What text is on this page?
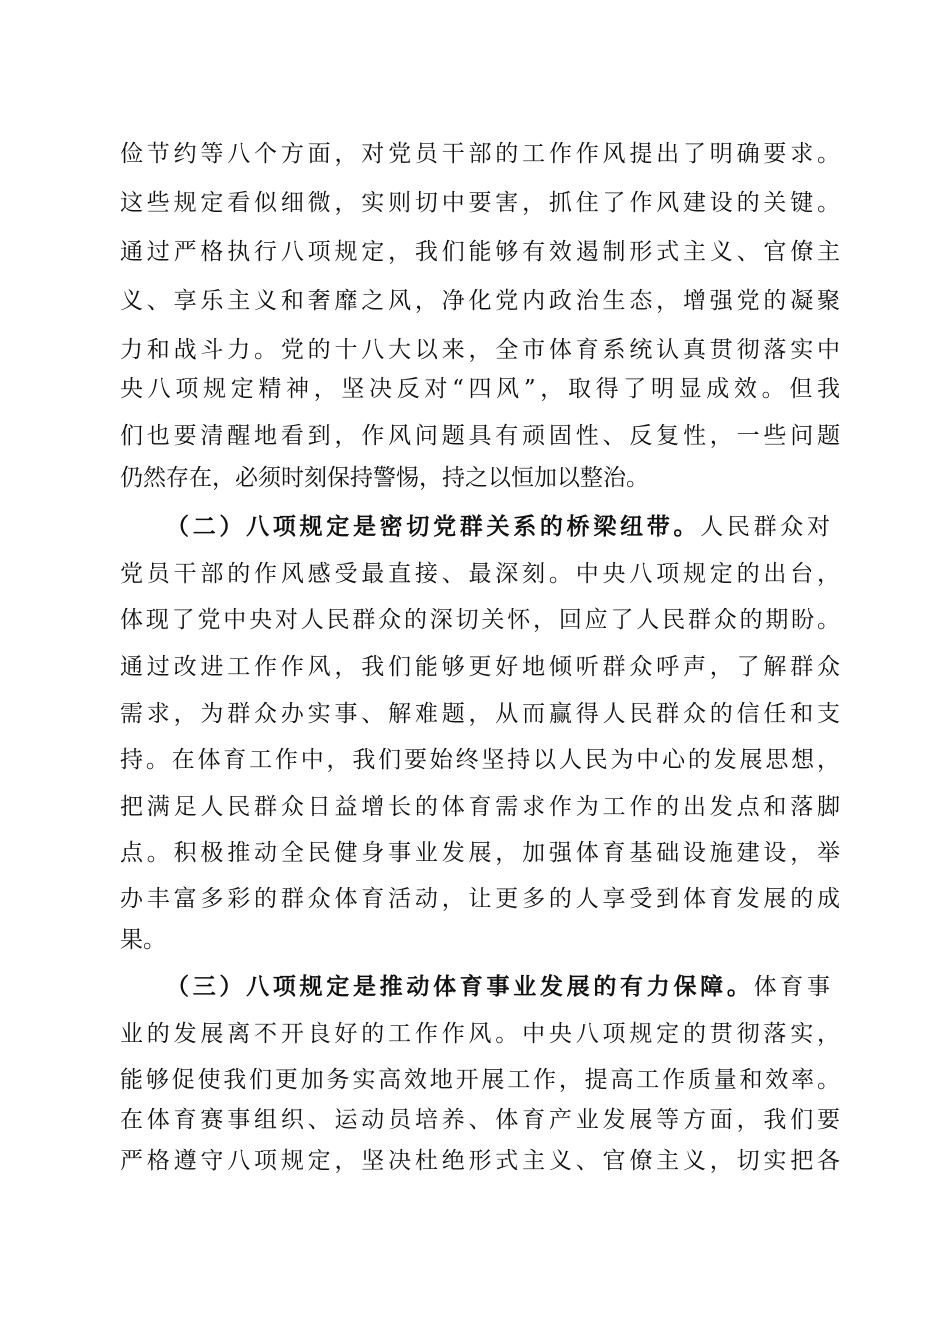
俭节约等八个方面，对党员干部的工作作风提出了明确要求。

这些规定看似细微，实则切中要害，抓住了作风建设的关键。

通过严格执行八项规定，我们能够有效遏制形式主义、官僚主

义、享乐主义和奢靡之风，净化党内政治生态，增强党的凝聚

力和战斗力。党的十八大以来，全市体育系统认真贯彻落实中

央八项规定精神，坚决反对“四风”，取得了明显成效。但我

们也要清醒地看到，作风问题具有顽固性、反复性，一些问题

仍然存在，必须时刻保持警惕，持之以恒加以整治。

（二）八项规定是密切党群关系的桥梁纽带。人民群众对

党员干部的作风感受最直接、最深刻。中央八项规定的出台，

体现了党中央对人民群众的深切关怀，回应了人民群众的期盼。

通过改进工作作风，我们能够更好地倾听群众呼声，了解群众

需求，为群众办实事、解难题，从而赢得人民群众的信任和支

持。在体育工作中，我们要始终坚持以人民为中心的发展思想，

把满足人民群众日益增长的体育需求作为工作的出发点和落脚

点。积极推动全民健身事业发展，加强体育基础设施建设，举

办丰富多彩的群众体育活动，让更多的人享受到体育发展的成

果。

（三）八项规定是推动体育事业发展的有力保障。体育事

业的发展离不开良好的工作作风。中央八项规定的贯彻落实，

能够促使我们更加务实高效地开展工作，提高工作质量和效率。

在体育赛事组织、运动员培养、体育产业发展等方面，我们要

严格遵守八项规定，坚决杜绝形式主义、官僚主义，切实把各
